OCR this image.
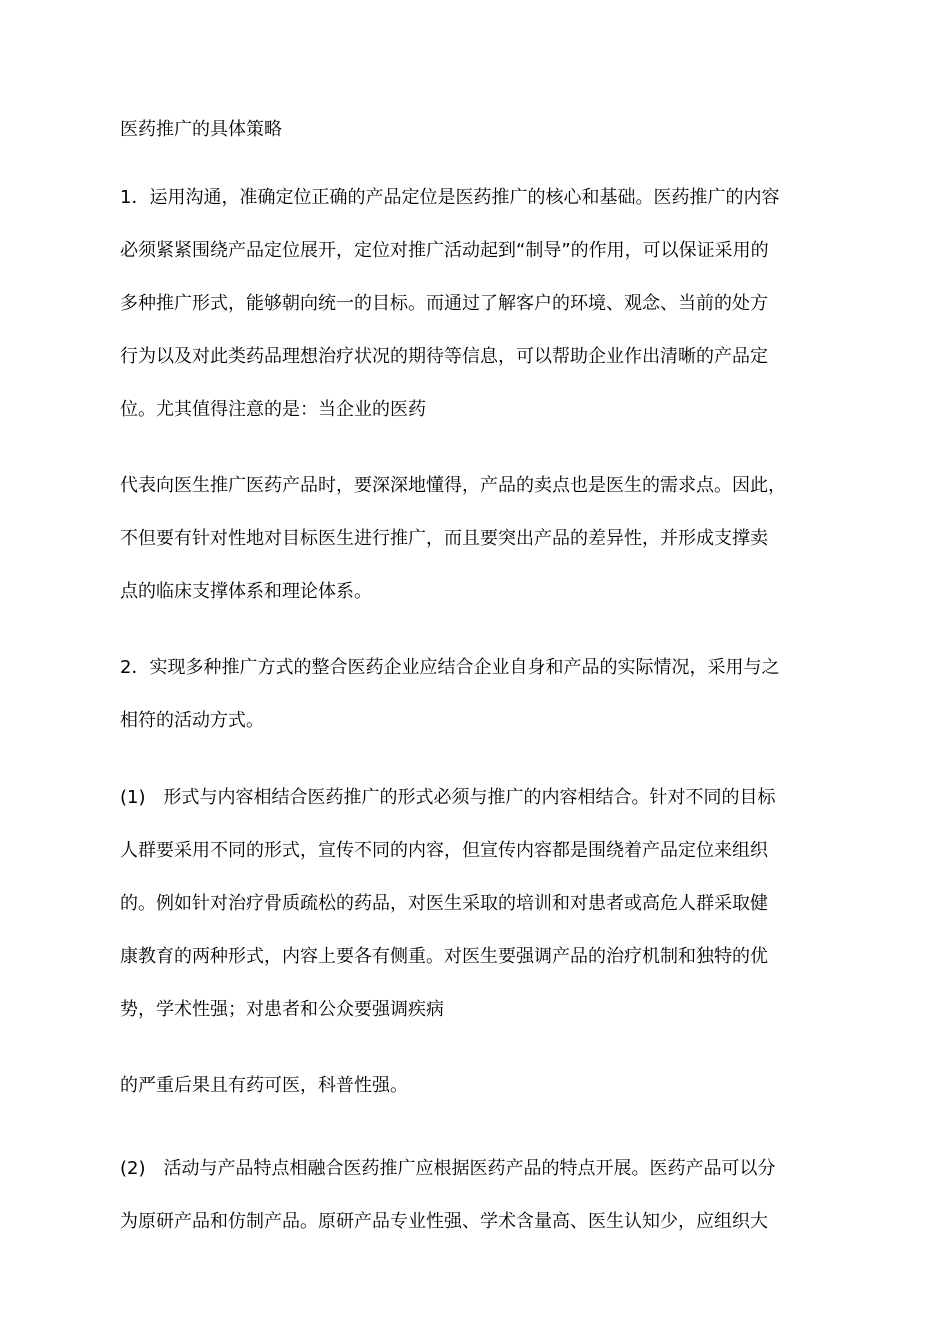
医药推广的具体策略

1．运用沟通，准确定位正确的产品定位是医药推广的核心和基础。医药推广的内容

必须紧紧围绕产品定位展开，定位对推广活动起到“制导”的作用，可以保证采用的

多种推广形式，能够朝向统一的目标。而通过了解客户的环境、观念、当前的处方

行为以及对此类药品理想治疗状况的期待等信息，可以帮助企业作出清晰的产品定

位。尤其值得注意的是：当企业的医药

代表向医生推广医药产品时，要深深地懂得，产品的卖点也是医生的需求点。因此，

不但要有针对性地对目标医生进行推广，而且要突出产品的差异性，并形成支撑卖

点的临床支撑体系和理论体系。

2．实现多种推广方式的整合医药企业应结合企业自身和产品的实际情况，采用与之

相符的活动方式。

(1)　形式与内容相结合医药推广的形式必须与推广的内容相结合。针对不同的目标

人群要采用不同的形式，宣传不同的内容，但宣传内容都是围绕着产品定位来组织

的。例如针对治疗骨质疏松的药品，对医生采取的培训和对患者或高危人群采取健

康教育的两种形式，内容上要各有侧重。对医生要强调产品的治疗机制和独特的优

势，学术性强；对患者和公众要强调疾病

的严重后果且有药可医，科普性强。

(2)　活动与产品特点相融合医药推广应根据医药产品的特点开展。医药产品可以分

为原研产品和仿制产品。原研产品专业性强、学术含量高、医生认知少，应组织大
